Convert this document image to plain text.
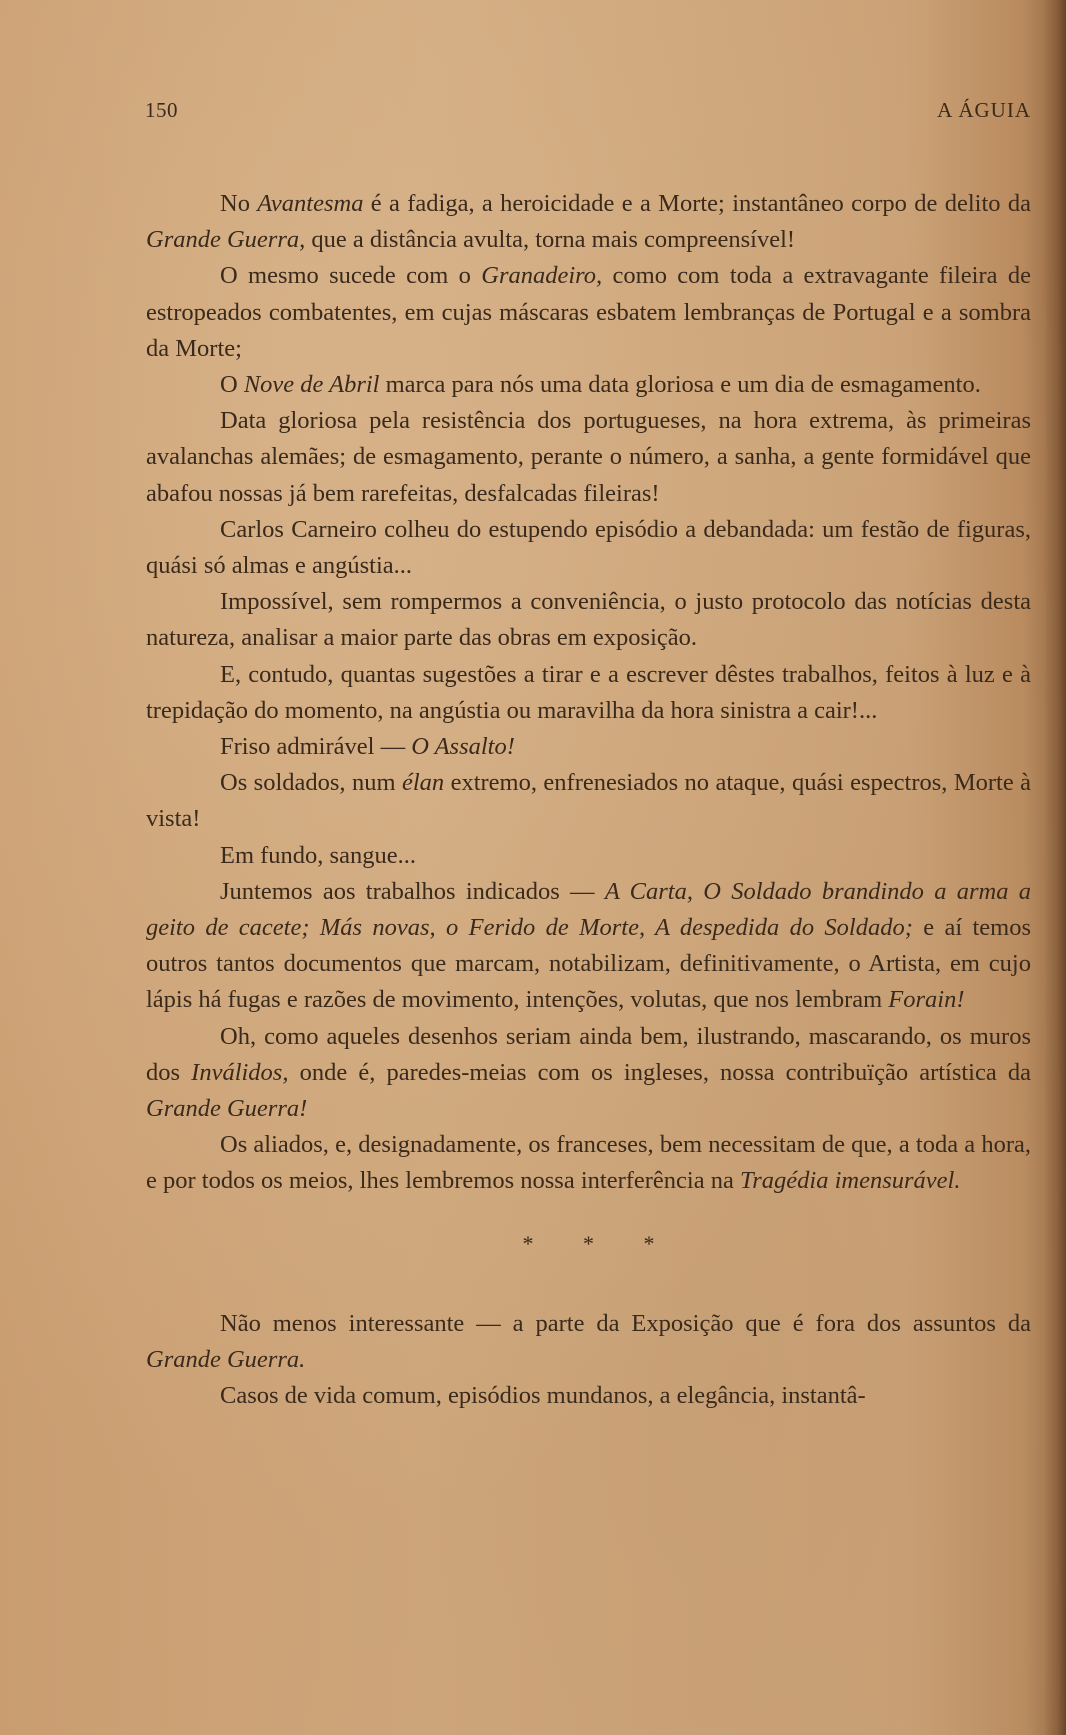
150	A ÁGUIA

No Avantesma é a fadiga, a heroicidade e a Morte; instantâneo corpo de delito da Grande Guerra, que a distância avulta, torna mais compreensível!

O mesmo sucede com o Granadeiro, como com toda a extravagante fileira de estropeados combatentes, em cujas máscaras esbatem lembranças de Portugal e a sombra da Morte;

O Nove de Abril marca para nós uma data gloriosa e um dia de esmagamento.

Data gloriosa pela resistência dos portugueses, na hora extrema, às primeiras avalanchas alemães; de esmagamento, perante o número, a sanha, a gente formidável que abafou nossas já bem rarefeitas, desfalcadas fileiras!

Carlos Carneiro colheu do estupendo episódio a debandada: um festão de figuras, quási só almas e angústia...

Impossível, sem rompermos a conveniência, o justo protocolo das notícias desta natureza, analisar a maior parte das obras em exposição.

E, contudo, quantas sugestões a tirar e a escrever dêstes trabalhos, feitos à luz e à trepidação do momento, na angústia ou maravilha da hora sinistra a cair!...

Friso admirável — O Assalto!

Os soldados, num élan extremo, enfrenesiados no ataque, quási espectros, Morte à vista!

Em fundo, sangue...

Juntemos aos trabalhos indicados — A Carta, O Soldado brandindo a arma a geito de cacete; Más novas, o Ferido de Morte, A despedida do Soldado; e aí temos outros tantos documentos que marcam, notabilizam, definitivamente, o Artista, em cujo lápis há fugas e razões de movimento, intenções, volutas, que nos lembram Forain!

Oh, como aqueles desenhos seriam ainda bem, ilustrando, mascarando, os muros dos Inválidos, onde é, paredes-meias com os ingleses, nossa contribuïção artística da Grande Guerra!

Os aliados, e, designadamente, os franceses, bem necessitam de que, a toda a hora, e por todos os meios, lhes lembremos nossa interferência na Tragédia imensurável.

* * *

Não menos interessante — a parte da Exposição que é fora dos assuntos da Grande Guerra.

Casos de vida comum, episódios mundanos, a elegância, instantâ-
